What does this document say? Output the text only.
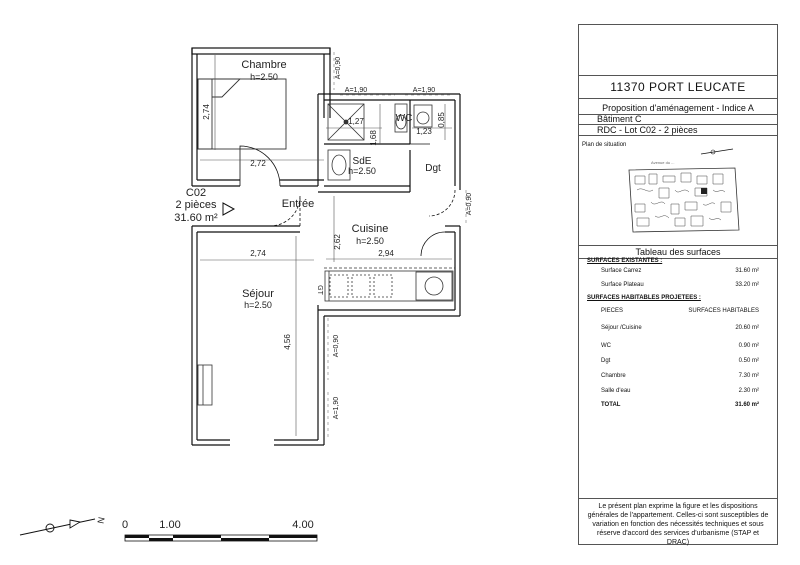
Chambre
h=2.50
WC
SdE
h=2.50	Dgt
Entrée
Cuisine
h=2.50
Séjour
h=2.50
C02
2 pièces
31.60 m²
2,72
2,74
1,27
1,68	1,23
0,85
2,94
2,62
2,74
4,56
A=0,90
A=1,90	A=1,90
A=0,90
A=0,90
A=1,90
GT
N 0	1.00	4.00
11370 PORT LEUCATE
Proposition d'aménagement - Indice A
Bâtiment C
RDC - Lot C02 - 2 pièces
Plan de situation
Avenue du ...
Tableau des surfaces
SURFACES EXISTANTES :
Surface Carrez	31.60 m²
Surface Plateau	33.20 m²
SURFACES HABITABLES PROJETEES :
PIECES	SURFACES HABITABLES
Séjour /Cuisine	20.60 m²
WC	0.90 m²
Dgt	0.50 m²
Chambre	7.30 m²
Salle d'eau	2.30 m²
TOTAL	31.60 m²
Le présent plan exprime la figure et les dispositions générales de l'appartement. Celles-ci sont susceptibles de variation en fonction des nécessités techniques et sous réserve d'accord des services d'urbanisme (STAP et DRAC)
